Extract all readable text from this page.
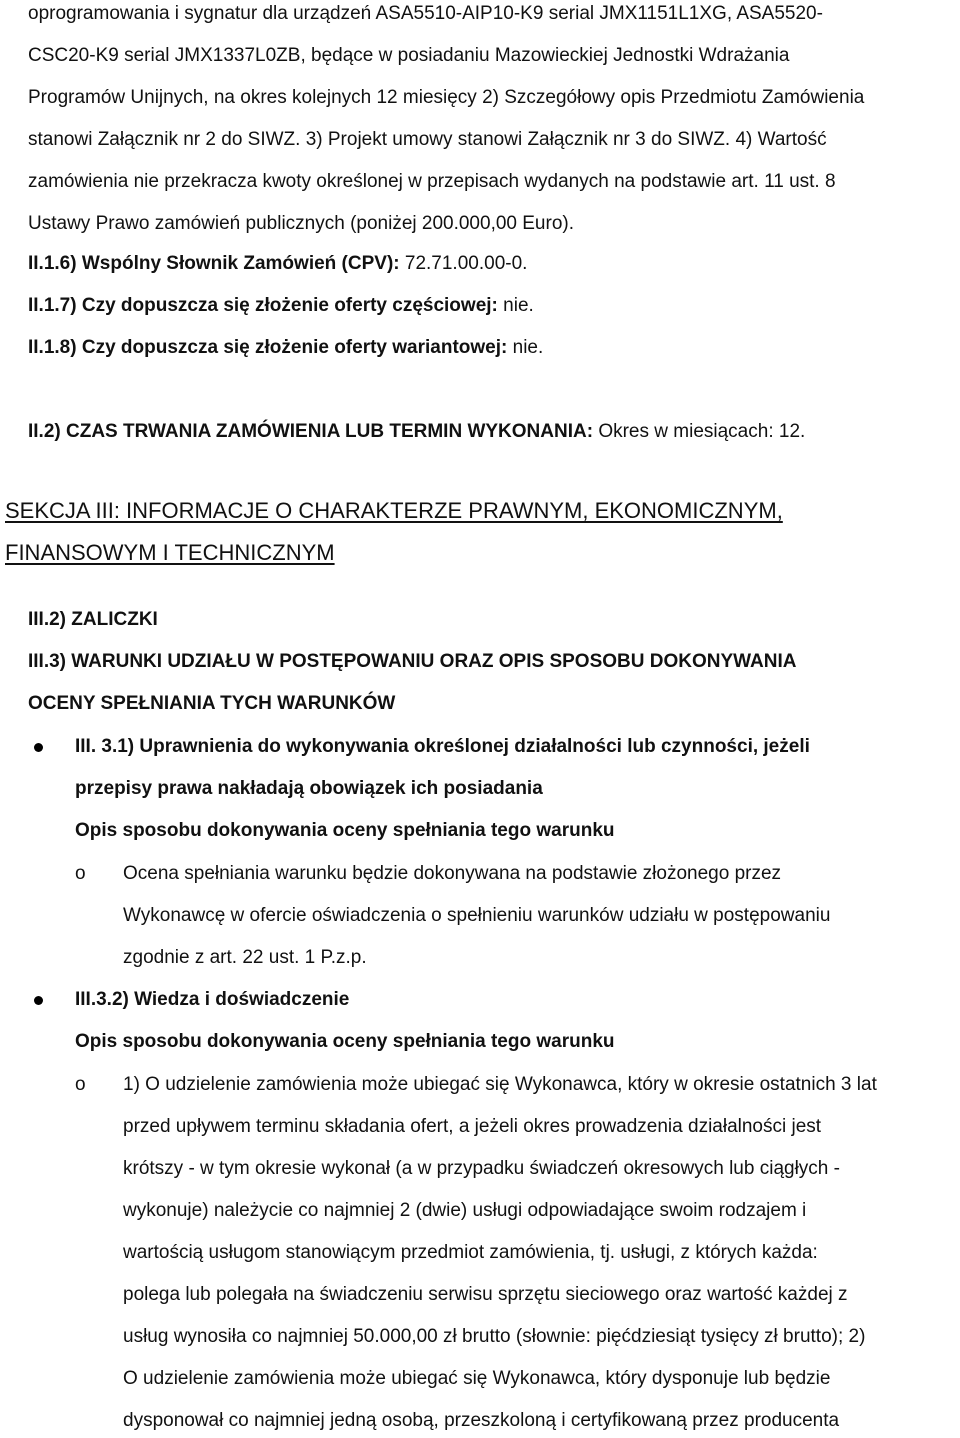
oprogramowania i sygnatur dla urządzeń ASA5510-AIP10-K9 serial JMX1151L1XG, ASA5520-
CSC20-K9 serial JMX1337L0ZB, będące w posiadaniu Mazowieckiej Jednostki Wdrażania
Programów Unijnych, na okres kolejnych 12 miesięcy 2) Szczegółowy opis Przedmiotu Zamówienia
stanowi Załącznik nr 2 do SIWZ. 3) Projekt umowy stanowi Załącznik nr 3 do SIWZ. 4) Wartość
zamówienia nie przekracza kwoty określonej w przepisach wydanych na podstawie art. 11 ust. 8
Ustawy Prawo zamówień publicznych (poniżej 200.000,00 Euro).
II.1.6) Wspólny Słownik Zamówień (CPV): 72.71.00.00-0.
II.1.7) Czy dopuszcza się złożenie oferty częściowej: nie.
II.1.8) Czy dopuszcza się złożenie oferty wariantowej: nie.
II.2) CZAS TRWANIA ZAMÓWIENIA LUB TERMIN WYKONANIA: Okres w miesiącach: 12.
SEKCJA III: INFORMACJE O CHARAKTERZE PRAWNYM, EKONOMICZNYM,
FINANSOWYM I TECHNICZNYM
III.2) ZALICZKI
III.3) WARUNKI UDZIAŁU W POSTĘPOWANIU ORAZ OPIS SPOSOBU DOKONYWANIA
OCENY SPEŁNIANIA TYCH WARUNKÓW
III. 3.1) Uprawnienia do wykonywania określonej działalności lub czynności, jeżeli
przepisy prawa nakładają obowiązek ich posiadania
Opis sposobu dokonywania oceny spełniania tego warunku
o Ocena spełniania warunku będzie dokonywana na podstawie złożonego przez
Wykonawcę w ofercie oświadczenia o spełnieniu warunków udziału w postępowaniu
zgodnie z art. 22 ust. 1 P.z.p.
III.3.2) Wiedza i doświadczenie
Opis sposobu dokonywania oceny spełniania tego warunku
o 1) O udzielenie zamówienia może ubiegać się Wykonawca, który w okresie ostatnich 3 lat
przed upływem terminu składania ofert, a jeżeli okres prowadzenia działalności jest
krótszy - w tym okresie wykonał (a w przypadku świadczeń okresowych lub ciągłych -
wykonuje) należycie co najmniej 2 (dwie) usługi odpowiadające swoim rodzajem i
wartością usługom stanowiącym przedmiot zamówienia, tj. usługi, z których każda:
polega lub polegała na świadczeniu serwisu sprzętu sieciowego oraz wartość każdej z
usług wynosiła co najmniej 50.000,00 zł brutto (słownie: pięćdziesiąt tysięcy zł brutto); 2)
O udzielenie zamówienia może ubiegać się Wykonawca, który dysponuje lub będzie
dysponował co najmniej jedną osobą, przeszkoloną i certyfikowaną przez producenta
